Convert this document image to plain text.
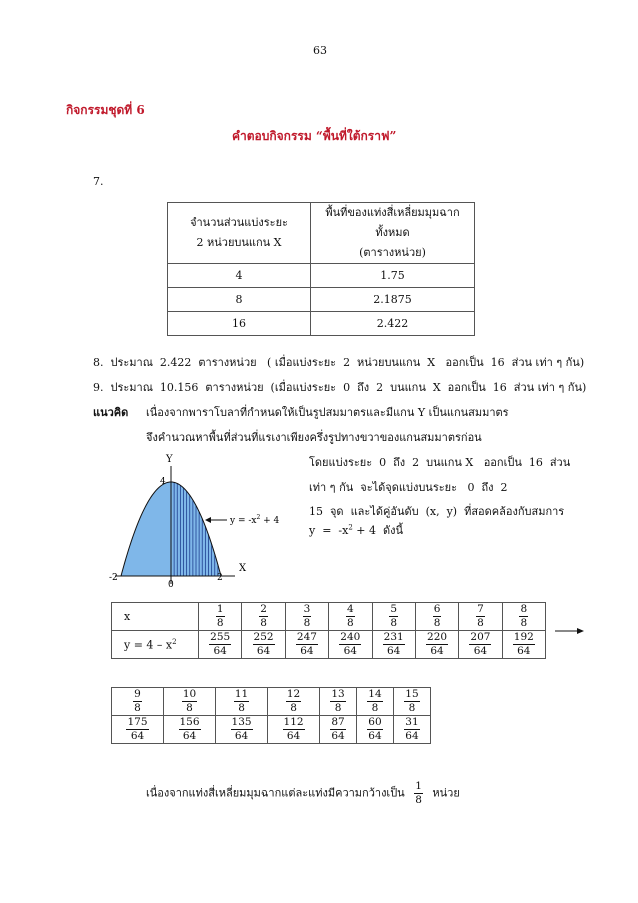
63
กิจกรรมชุดที่ 6
คำตอบกิจกรรม “พื้นที่ใต้กราฟ”
7.
จำนวนส่วนแบ่งระยะ
2 หน่วยบนแกน X	พื้นที่ของแท่งสี่เหลี่ยมมุมฉากทั้งหมด
(ตารางหน่วย)
4	1.75
8	2.1875
16	2.422
8.  ประมาณ  2.422  ตารางหน่วย   ( เมื่อแบ่งระยะ  2  หน่วยบนแกน  X   ออกเป็น  16  ส่วน เท่า ๆ กัน)
9.  ประมาณ  10.156  ตารางหน่วย  (เมื่อแบ่งระยะ  0  ถึง  2  บนแกน  X  ออกเป็น  16  ส่วน เท่า ๆ กัน)
แนวคิด เนื่องจากพาราโบลาที่กำหนดให้เป็นรูปสมมาตรและมีแกน Y เป็นแกนสมมาตร
จึงคำนวณหาพื้นที่ส่วนที่แรเงาเพียงครึ่งรูปทางขวาของแกนสมมาตรก่อน
โดยแบ่งระยะ  0  ถึง  2  บนแกน X   ออกเป็น  16  ส่วน
เท่า ๆ กัน  จะได้จุดแบ่งบนระยะ   0  ถึง  2
15  จุด  และได้คู่อันดับ  (x,  y)  ที่สอดคล้องกับสมการ
$y = -x^2 + 4$  ดังนี้
Y
X
4
-2
0
2
$y = -x^2 + 4$
x	$\frac{1}{8}$	$\frac{2}{8}$	$\frac{3}{8}$	$\frac{4}{8}$	$\frac{5}{8}$	$\frac{6}{8}$	$\frac{7}{8}$	$\frac{8}{8}$

$y = 4 - x^2$	$\frac{255}{64}$	$\frac{252}{64}$	$\frac{247}{64}$	$\frac{240}{64}$	$\frac{231}{64}$	$\frac{220}{64}$	$\frac{207}{64}$	$\frac{192}{64}$
$\frac{9}{8}$	$\frac{10}{8}$	$\frac{11}{8}$	$\frac{12}{8}$	$\frac{13}{8}$	$\frac{14}{8}$	$\frac{15}{8}$

$\frac{175}{64}$	$\frac{156}{64}$	$\frac{135}{64}$	$\frac{112}{64}$	$\frac{87}{64}$	$\frac{60}{64}$	$\frac{31}{64}$
เนื่องจากแท่งสี่เหลี่ยมมุมฉากแต่ละแท่งมีความกว้างเป็น $\frac{1}{8}$ หน่วย
